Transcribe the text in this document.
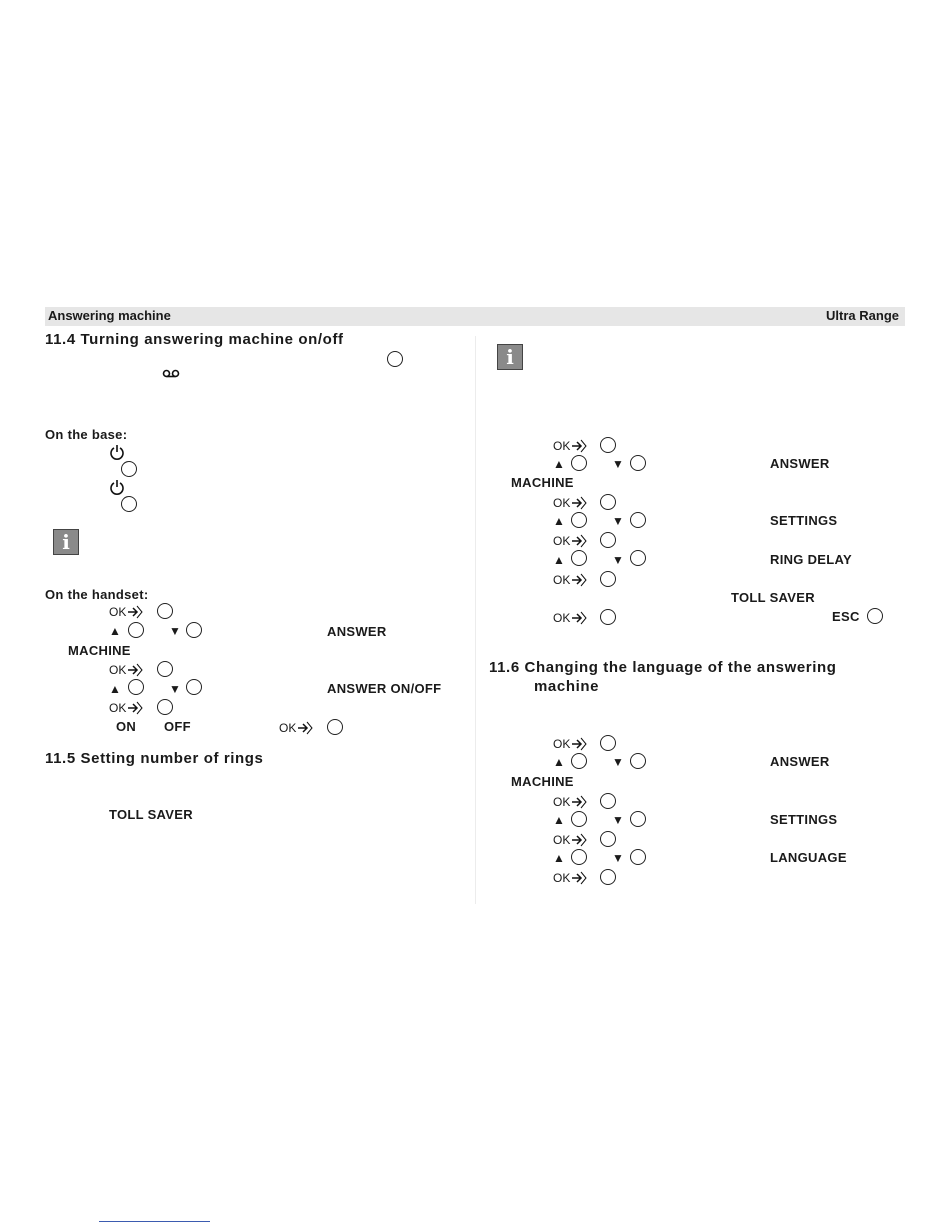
Answering machine	Ultra Range
11.4 Turning answering machine on/off
On the base:
i
On the handset:
OK
▲	▼	ANSWER
MACHINE
OK
▲	▼	ANSWER ON/OFF
OK
ON OFF	OK
11.5 Setting number of rings
TOLL SAVER
i
OK
▲	▼	ANSWER
MACHINE
OK
▲	▼	SETTINGS
OK
▲	▼	RING DELAY
OK
TOLL SAVER
OK	ESC
11.6 Changing the language of the answering
machine
OK
▲	▼	ANSWER
MACHINE
OK
▲	▼	SETTINGS
OK
▲	▼	LANGUAGE
OK
